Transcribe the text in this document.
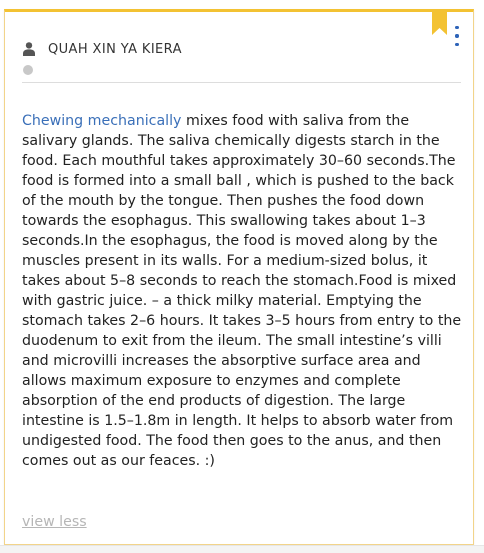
QUAH XIN YA KIERA

Chewing mechanically mixes food with saliva from the salivary glands. The saliva chemically digests starch in the food. Each mouthful takes approximately 30–60 seconds.The food is formed into a small ball , which is pushed to the back of the mouth by the tongue. Then pushes the food down towards the esophagus. This swallowing takes about 1–3 seconds.In the esophagus, the food is moved along by the muscles present in its walls. For a medium-sized bolus, it takes about 5–8 seconds to reach the stomach.Food is mixed with gastric juice. – a thick milky material. Emptying the stomach takes 2–6 hours. It takes 3–5 hours from entry to the duodenum to exit from the ileum. The small intestine’s villi and microvilli increases the absorptive surface area and allows maximum exposure to enzymes and complete absorption of the end products of digestion. The large intestine is 1.5–1.8m in length. It helps to absorb water from undigested food. The food then goes to the anus, and then comes out as our feaces. :)

view less
